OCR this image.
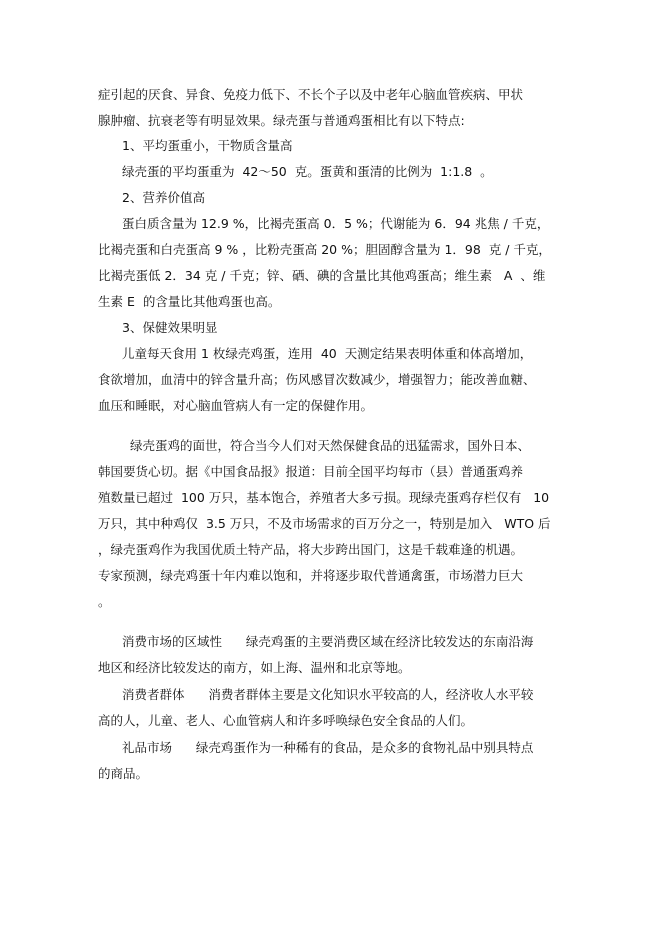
症引起的厌食、异食、免疫力低下、不长个子以及中老年心脑血管疾病、甲状
腺肿瘤、抗衰老等有明显效果。绿壳蛋与普通鸡蛋相比有以下特点:
1、平均蛋重小，干物质含量高
绿壳蛋的平均蛋重为  42～50  克。蛋黄和蛋清的比例为  1:1.8  。
2、营养价值高
蛋白质含量为 12.9 %，比褐壳蛋高 0．5 %；代谢能为 6．94 兆焦 / 千克，
比褐壳蛋和白壳蛋高 9 % ，比粉壳蛋高 20 %；胆固醇含量为 1．98  克 / 千克，
比褐壳蛋低 2．34 克 / 千克；锌、硒、碘的含量比其他鸡蛋高；维生素   A  、维
生素 E  的含量比其他鸡蛋也高。
3、保健效果明显
儿童每天食用 1 枚绿壳鸡蛋，连用  40  天测定结果表明体重和体高增加，
食欲增加，血清中的锌含量升高；伤风感冒次数减少，增强智力；能改善血糖、
血压和睡眠，对心脑血管病人有一定的保健作用。
绿壳蛋鸡的面世，符合当今人们对天然保健食品的迅猛需求，国外日本、
韩国要货心切。据《中国食品报》报道：目前全国平均每市（县）普通蛋鸡养
殖数量已超过  100 万只，基本饱合，养殖者大多亏损。现绿壳蛋鸡存栏仅有   10
万只，其中种鸡仅  3.5 万只，不及市场需求的百万分之一，特别是加入   WTO 后
，绿壳蛋鸡作为我国优质土特产品，将大步跨出国门，这是千载难逢的机遇。
专家预测，绿壳鸡蛋十年内难以饱和，并将逐步取代普通禽蛋，市场潜力巨大
。
消费市场的区域性      绿壳鸡蛋的主要消费区域在经济比较发达的东南沿海
地区和经济比较发达的南方，如上海、温州和北京等地。
消费者群体      消费者群体主要是文化知识水平较高的人，经济收人水平较
高的人，儿童、老人、心血管病人和许多呼唤绿色安全食品的人们。
礼品市场      绿壳鸡蛋作为一种稀有的食品，是众多的食物礼品中别具特点
的商品。
